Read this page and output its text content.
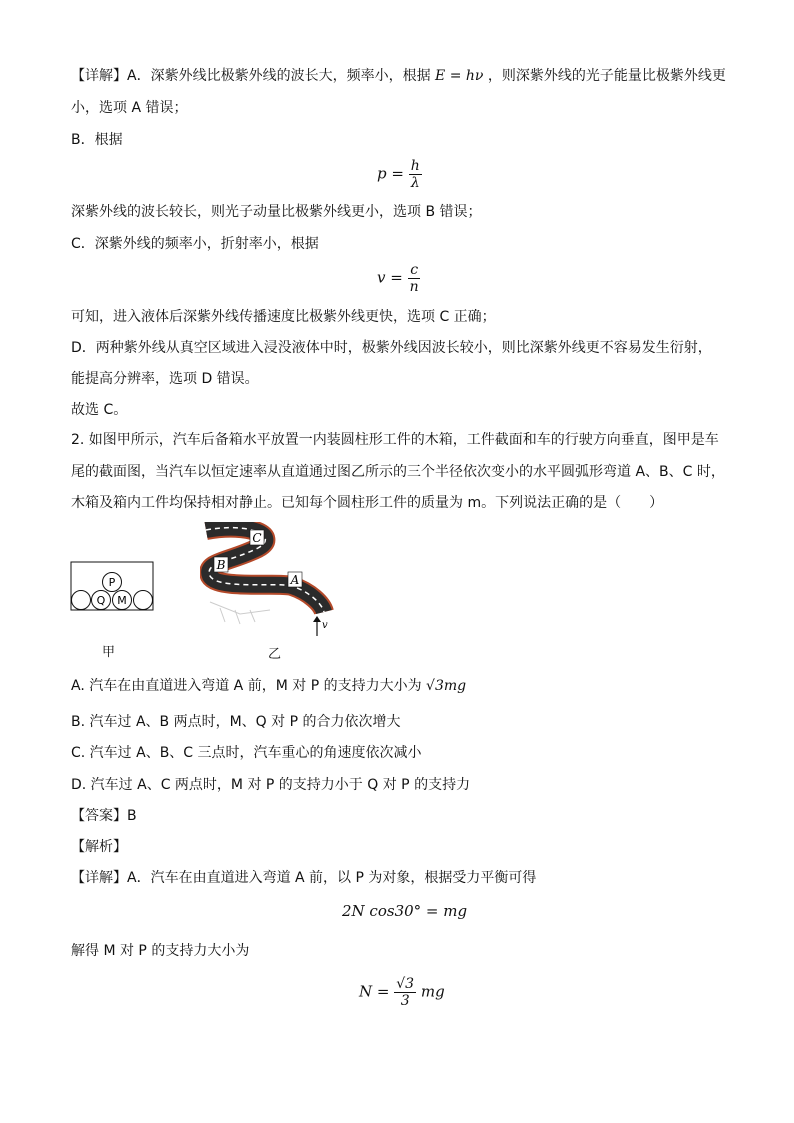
【详解】A．深紫外线比极紫外线的波长大，频率小，根据 E = hν ，则深紫外线的光子能量比极紫外线更
小，选项 A 错误；
B．根据
$p = \frac{h}{\lambda}$
深紫外线的波长较长，则光子动量比极紫外线更小，选项 B 错误；
C．深紫外线的频率小，折射率小，根据
$v = \frac{c}{n}$
可知，进入液体后深紫外线传播速度比极紫外线更快，选项 C 正确；
D．两种紫外线从真空区域进入浸没液体中时，极紫外线因波长较小，则比深紫外线更不容易发生衍射，
能提高分辨率，选项 D 错误。
故选 C。
2. 如图甲所示，汽车后备箱水平放置一内装圆柱形工件的木箱，工件截面和车的行驶方向垂直，图甲是车
尾的截面图，当汽车以恒定速率从直道通过图乙所示的三个半径依次变小的水平圆弧形弯道 A、B、C 时，
木箱及箱内工件均保持相对静止。已知每个圆柱形工件的质量为 m。下列说法正确的是（　　）
P
Q M
甲
C
B
A
v
乙
A. 汽车在由直道进入弯道 A 前，M 对 P 的支持力大小为 √3mg
B. 汽车过 A、B 两点时，M、Q 对 P 的合力依次增大
C. 汽车过 A、B、C 三点时，汽车重心的角速度依次减小
D. 汽车过 A、C 两点时，M 对 P 的支持力小于 Q 对 P 的支持力
【答案】B
【解析】
【详解】A．汽车在由直道进入弯道 A 前，以 P 为对象，根据受力平衡可得
2N cos30° = mg
解得 M 对 P 的支持力大小为
$N = \frac{√3}{3}$ mg
